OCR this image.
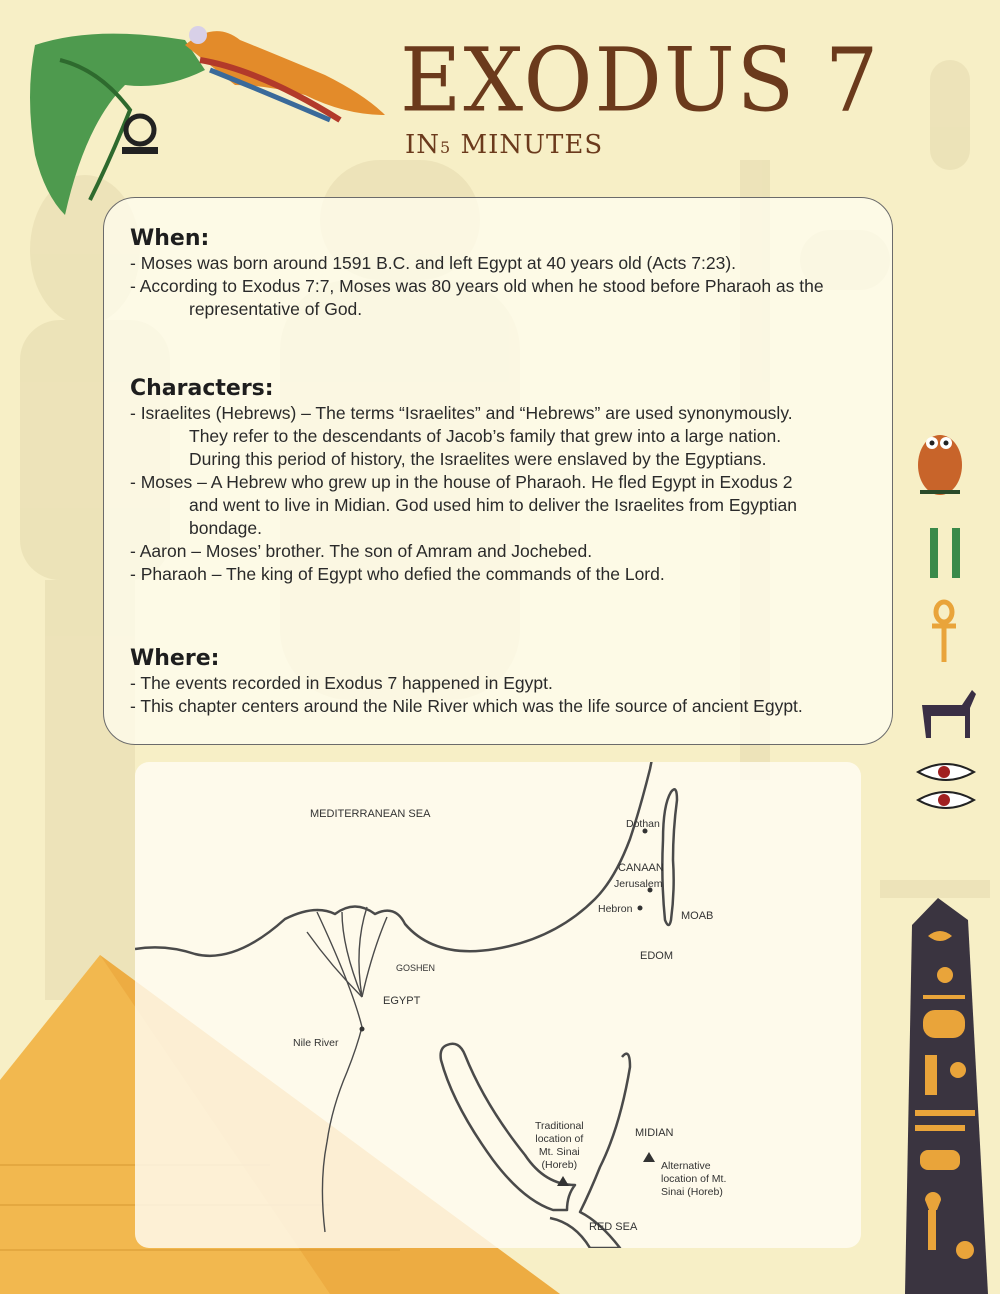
EXODUS 7
IN5 MINUTES
When:
- Moses was born around 1591 B.C. and left Egypt at 40 years old (Acts 7:23).
- According to Exodus 7:7, Moses was 80 years old when he stood before Pharaoh as the
representative of God.
Characters:
- Israelites (Hebrews) – The terms “Israelites” and “Hebrews” are used synonymously.
They refer to the descendants of Jacob’s family that grew into a large nation.
During this period of history, the Israelites were enslaved by the Egyptians.
- Moses – A Hebrew who grew up in the house of Pharaoh. He fled Egypt in Exodus 2
and went to live in Midian. God used him to deliver the Israelites from Egyptian
bondage.
- Aaron – Moses’ brother. The son of Amram and Jochebed.
- Pharaoh – The king of Egypt who defied the commands of the Lord.
Where:
- The events recorded in Exodus 7 happened in Egypt.
- This chapter centers around the Nile River which was the life source of ancient Egypt.
MEDITERRANEAN SEA
Dothan
CANAAN
Jerusalem
Hebron
MOAB
EDOM
GOSHEN
EGYPT
Nile River
MIDIAN
Traditional
location of
Mt. Sinai
(Horeb)	Alternative
location of Mt.
Sinai (Horeb)
RED SEA
